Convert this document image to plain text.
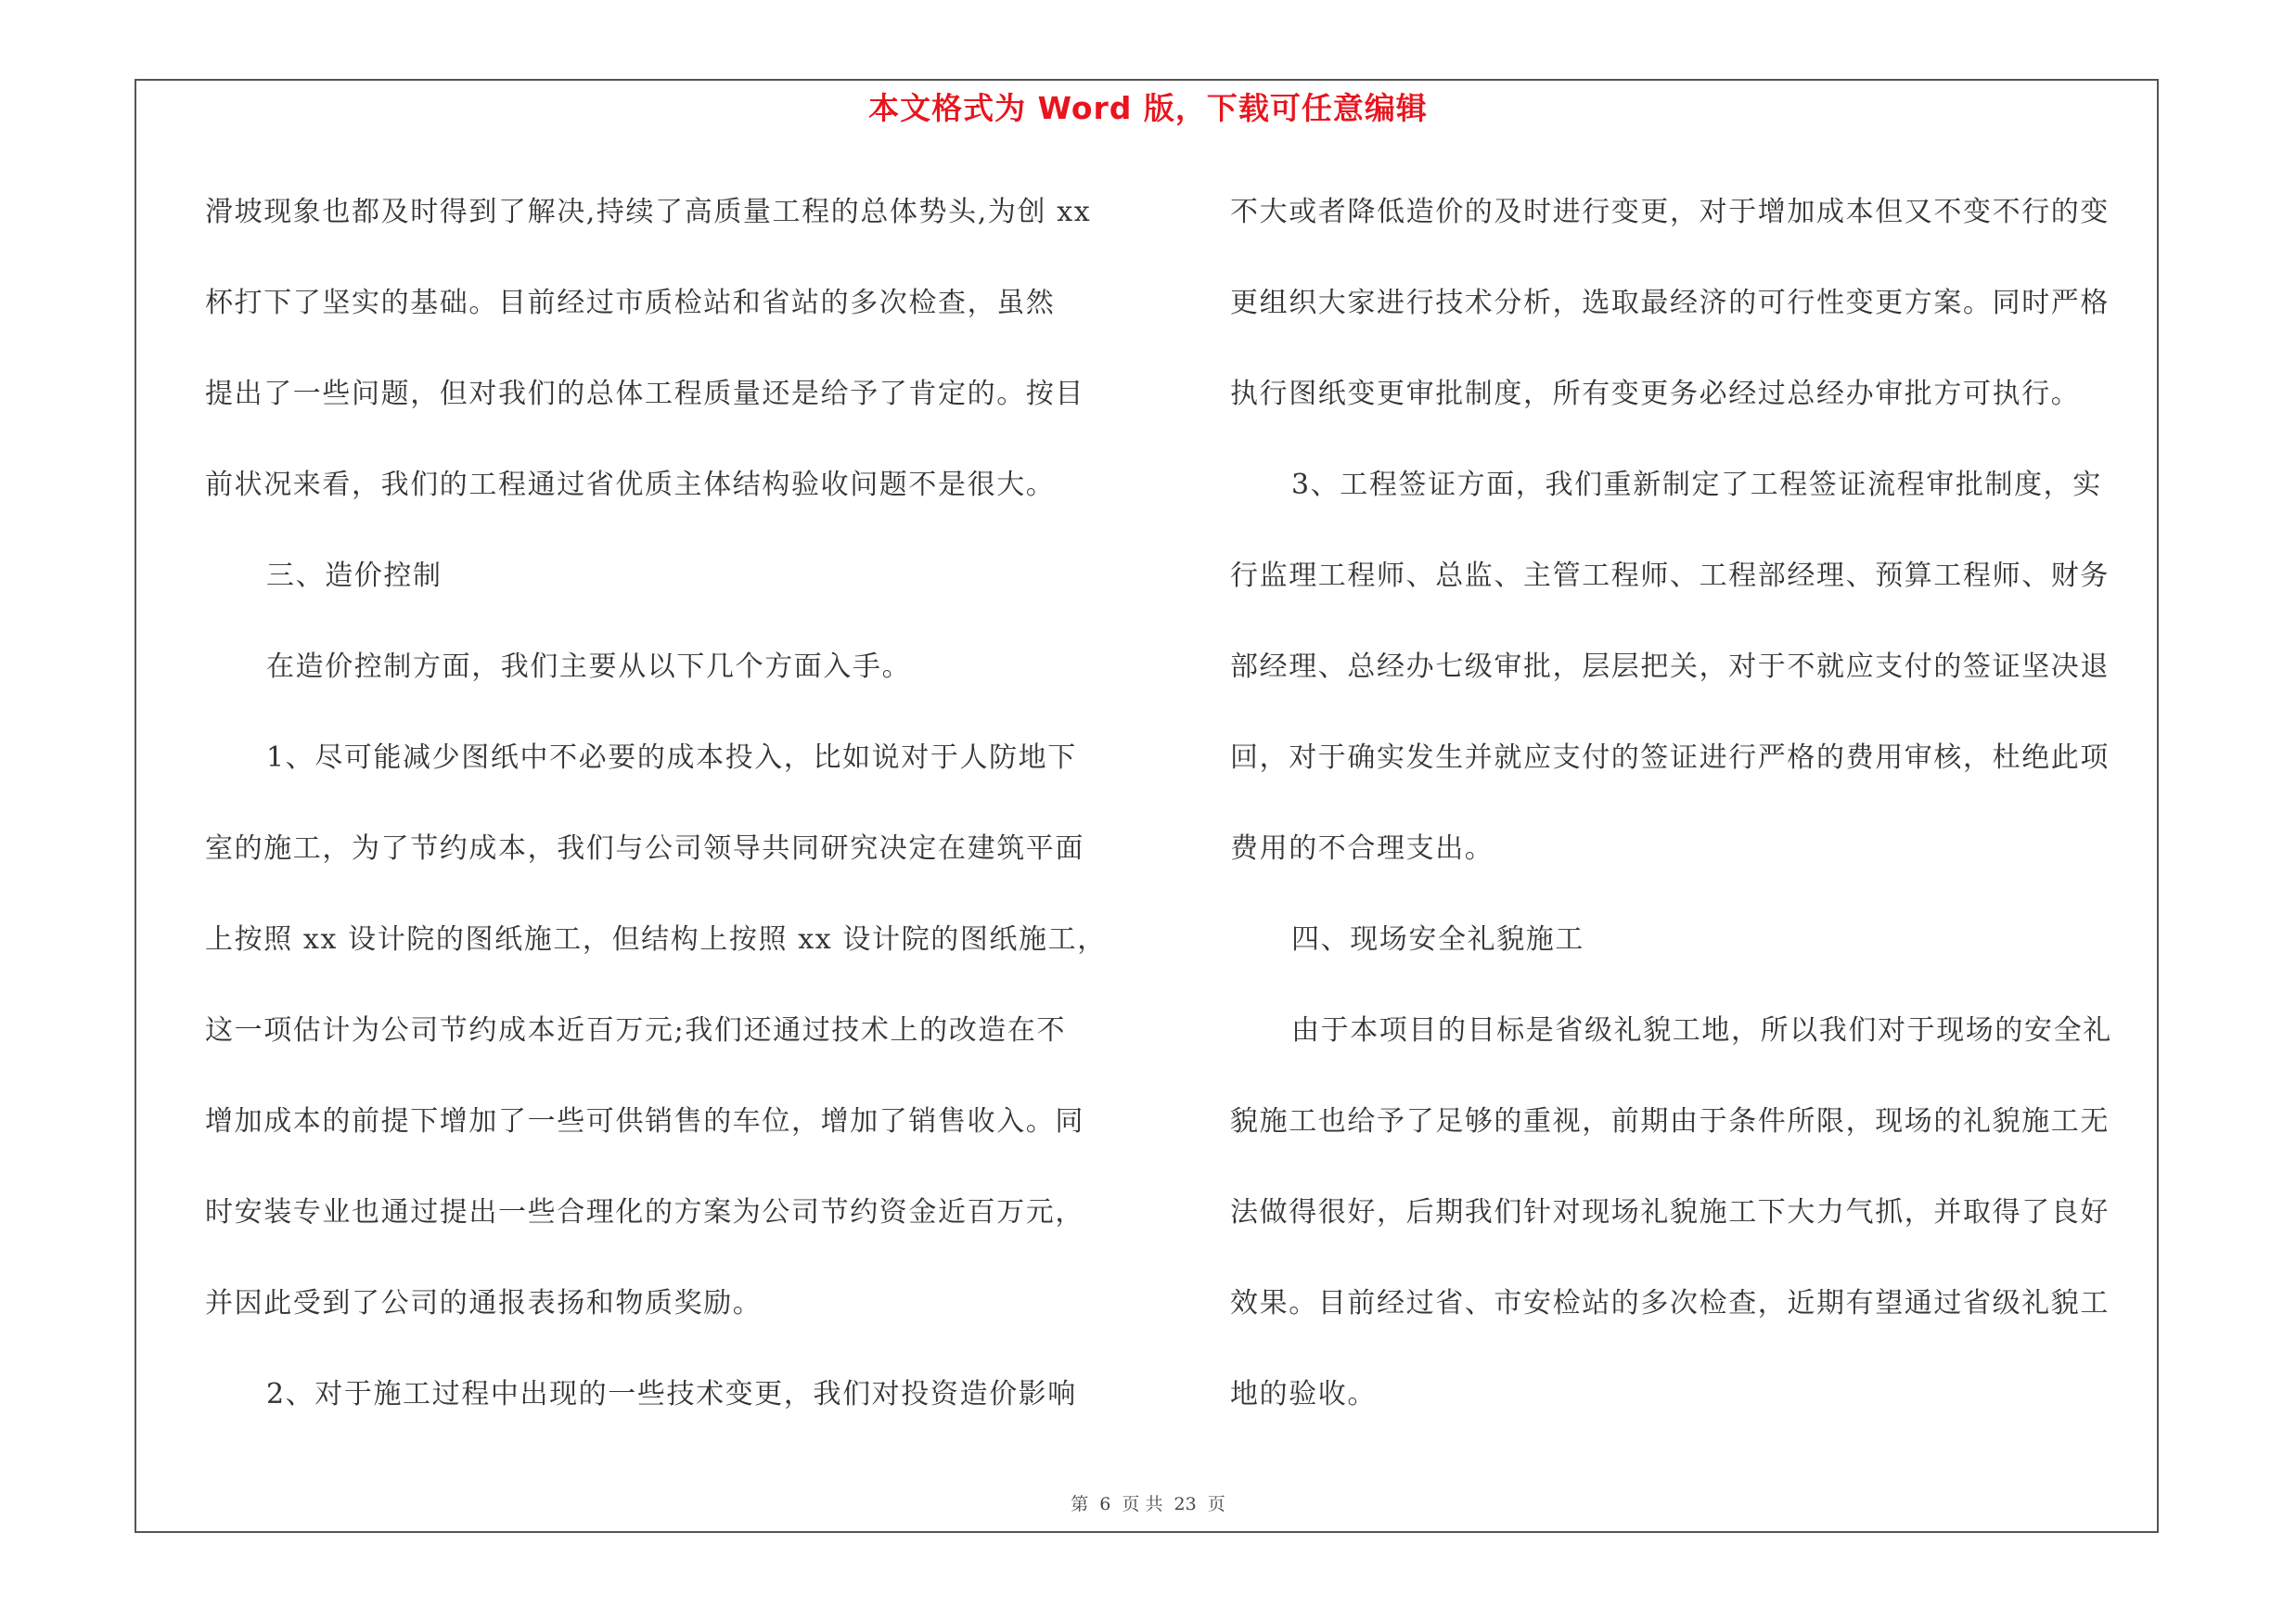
本文格式为 Word 版，下载可任意编辑
滑坡现象也都及时得到了解决,持续了高质量工程的总体势头,为创 xx
杯打下了坚实的基础。目前经过市质检站和省站的多次检查，虽然
提出了一些问题，但对我们的总体工程质量还是给予了肯定的。按目
前状况来看，我们的工程通过省优质主体结构验收问题不是很大。
三、造价控制
在造价控制方面，我们主要从以下几个方面入手。
1、尽可能减少图纸中不必要的成本投入，比如说对于人防地下
室的施工，为了节约成本，我们与公司领导共同研究决定在建筑平面
上按照 xx 设计院的图纸施工，但结构上按照 xx 设计院的图纸施工，
这一项估计为公司节约成本近百万元;我们还通过技术上的改造在不
增加成本的前提下增加了一些可供销售的车位，增加了销售收入。同
时安装专业也通过提出一些合理化的方案为公司节约资金近百万元，
并因此受到了公司的通报表扬和物质奖励。
2、对于施工过程中出现的一些技术变更，我们对投资造价影响
不大或者降低造价的及时进行变更，对于增加成本但又不变不行的变
更组织大家进行技术分析，选取最经济的可行性变更方案。同时严格
执行图纸变更审批制度，所有变更务必经过总经办审批方可执行。
3、工程签证方面，我们重新制定了工程签证流程审批制度，实
行监理工程师、总监、主管工程师、工程部经理、预算工程师、财务
部经理、总经办七级审批，层层把关，对于不就应支付的签证坚决退
回，对于确实发生并就应支付的签证进行严格的费用审核，杜绝此项
费用的不合理支出。
四、现场安全礼貌施工
由于本项目的目标是省级礼貌工地，所以我们对于现场的安全礼
貌施工也给予了足够的重视，前期由于条件所限，现场的礼貌施工无
法做得很好，后期我们针对现场礼貌施工下大力气抓，并取得了良好
效果。目前经过省、市安检站的多次检查，近期有望通过省级礼貌工
地的验收。
第 6 页 共 23 页
